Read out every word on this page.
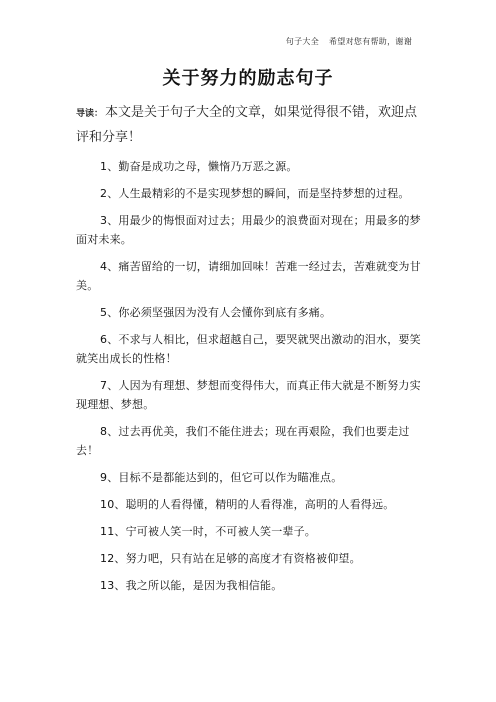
句子大全 希望对您有帮助，谢谢
关于努力的励志句子

导读： 本文是关于句子大全的文章，如果觉得很不错，欢迎点评和分享！

1、勤奋是成功之母，懒惰乃万恶之源。

2、人生最精彩的不是实现梦想的瞬间，而是坚持梦想的过程。

3、用最少的悔恨面对过去；用最少的浪费面对现在；用最多的梦面对未来。

4、痛苦留给的一切，请细加回味！苦难一经过去，苦难就变为甘美。

5、你必须坚强因为没有人会懂你到底有多痛。

6、不求与人相比，但求超越自己，要哭就哭出激动的泪水，要笑就笑出成长的性格！

7、人因为有理想、梦想而变得伟大，而真正伟大就是不断努力实现理想、梦想。

8、过去再优美，我们不能住进去；现在再艰险，我们也要走过去！

9、目标不是都能达到的，但它可以作为瞄准点。

10、聪明的人看得懂，精明的人看得准，高明的人看得远。

11、宁可被人笑一时，不可被人笑一辈子。

12、努力吧，只有站在足够的高度才有资格被仰望。

13、我之所以能，是因为我相信能。
